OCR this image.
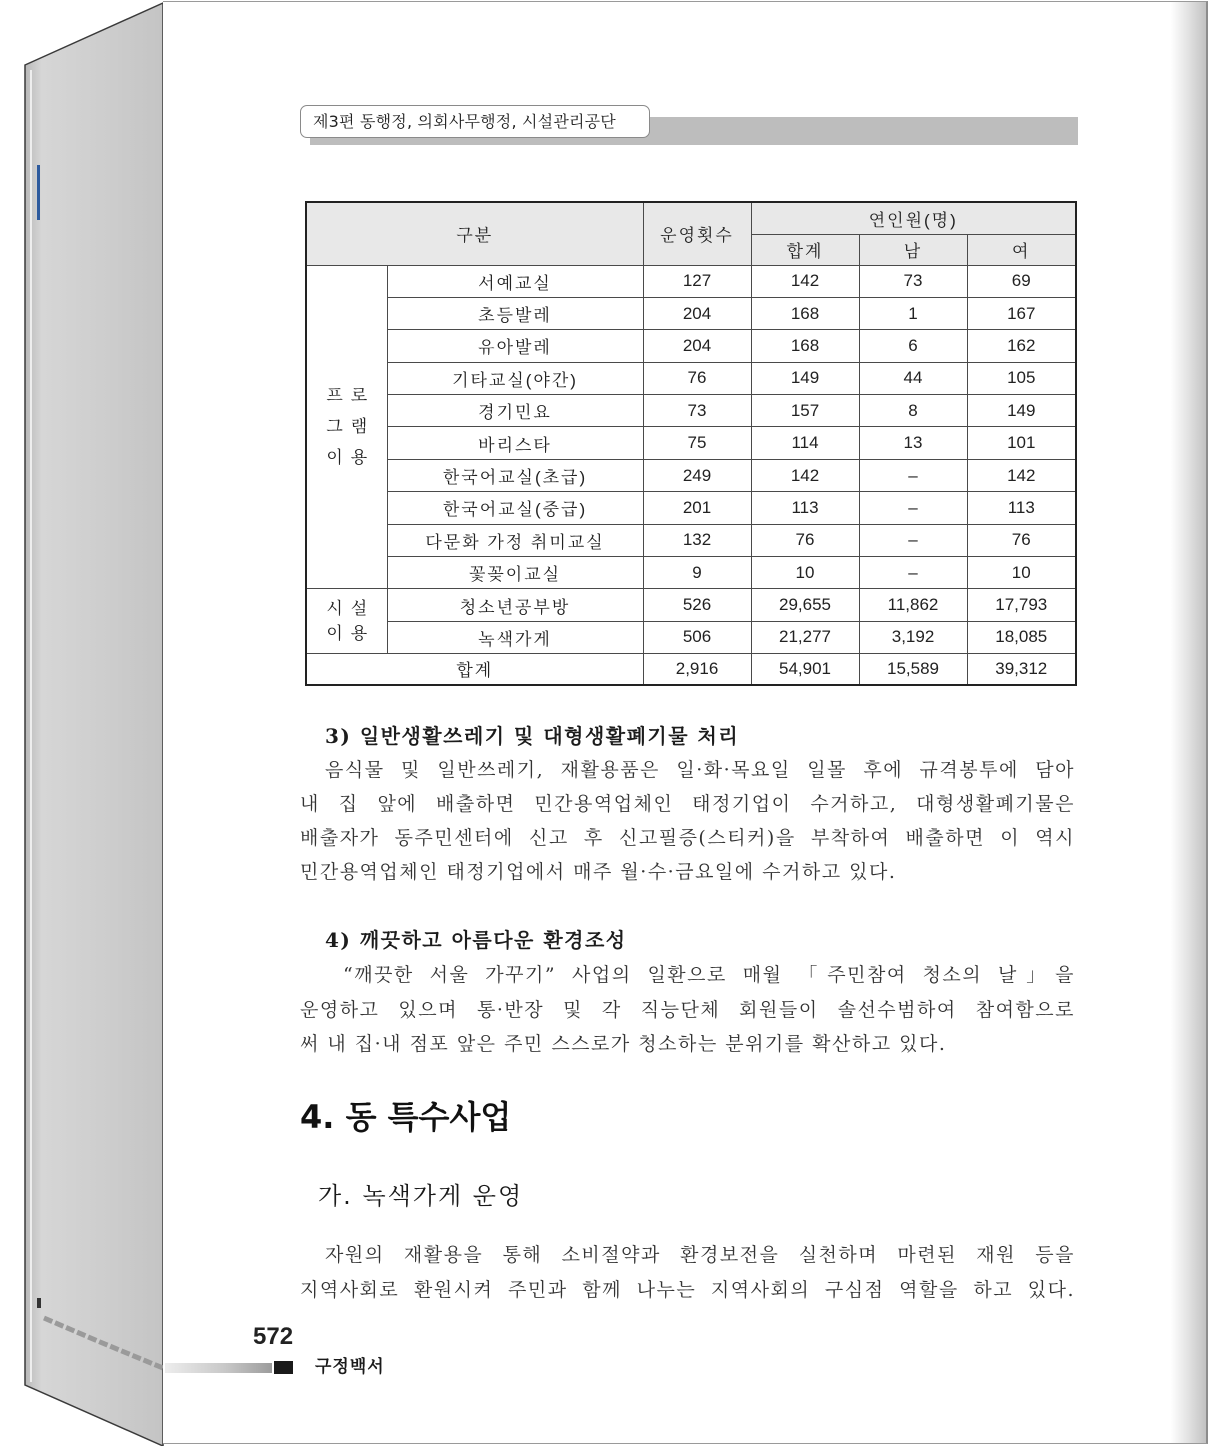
제3편 동행정, 의회사무행정, 시설관리공단
구분		운영횟수	연인원(명)		
			합계	남	여

프로
그램
이용	서예교실	127	142	73	69
	초등발레	204	168	1	167
	유아발레	204	168	6	162
	기타교실(야간)	76	149	44	105
	경기민요	73	157	8	149
	바리스타	75	114	13	101
	한국어교실(초급)	249	142	–	142
	한국어교실(중급)	201	113	–	113
	다문화 가정 취미교실	132	76	–	76
	꽃꽂이교실	9	10	–	10

시설
이용	청소년공부방	526	29,655	11,862	17,793
	녹색가게	506	21,277	3,192	18,085
합계		2,916	54,901	15,589	39,312
3) 일반생활쓰레기 및 대형생활폐기물 처리
음식물 및 일반쓰레기, 재활용품은 일·화·목요일 일몰 후에 규격봉투에 담아
내 집 앞에 배출하면 민간용역업체인 태정기업이 수거하고, 대형생활폐기물은
배출자가 동주민센터에 신고 후 신고필증(스티커)을 부착하여 배출하면 이 역시
민간용역업체인 태정기업에서 매주 월·수·금요일에 수거하고 있다.
4) 깨끗하고 아름다운 환경조성
“깨끗한 서울 가꾸기” 사업의 일환으로 매월 「주민참여 청소의 날」을
운영하고 있으며 통·반장 및 각 직능단체 회원들이 솔선수범하여 참여함으로
써 내 집·내 점포 앞은 주민 스스로가 청소하는 분위기를 확산하고 있다.
4. 동 특수사업
가. 녹색가게 운영
자원의 재활용을 통해 소비절약과 환경보전을 실천하며 마련된 재원 등을
지역사회로 환원시켜 주민과 함께 나누는 지역사회의 구심점 역할을 하고 있다.
572
구정백서
